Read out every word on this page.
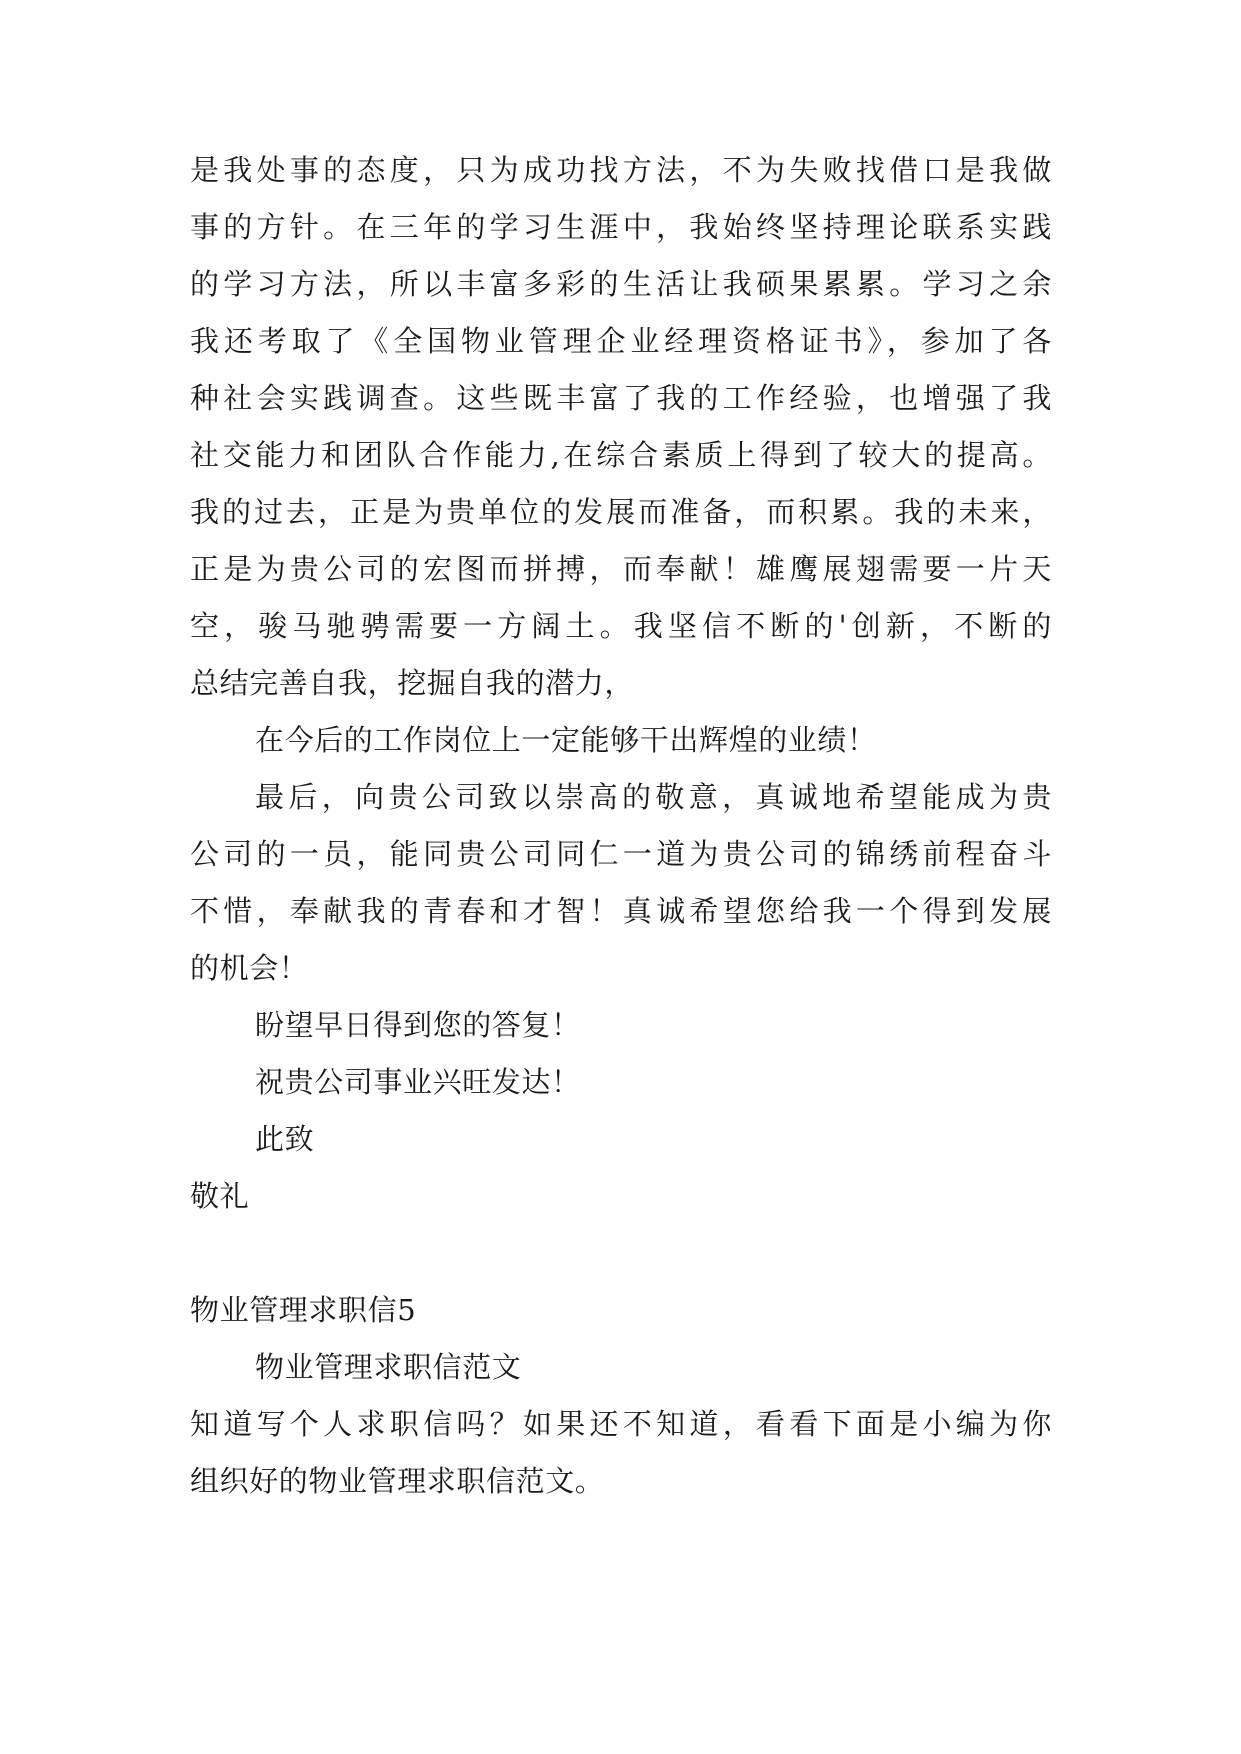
是我处事的态度，只为成功找方法，不为失败找借口是我做
事的方针。在三年的学习生涯中，我始终坚持理论联系实践
的学习方法，所以丰富多彩的生活让我硕果累累。学习之余
我还考取了《全国物业管理企业经理资格证书》，参加了各
种社会实践调查。这些既丰富了我的工作经验，也增强了我
社交能力和团队合作能力,在综合素质上得到了较大的提高。
我的过去，正是为贵单位的发展而准备，而积累。我的未来，
正是为贵公司的宏图而拼搏，而奉献！雄鹰展翅需要一片天
空，骏马驰骋需要一方阔土。我坚信不断的'创新，不断的
总结完善自我，挖掘自我的潜力，
在今后的工作岗位上一定能够干出辉煌的业绩！
最后，向贵公司致以崇高的敬意，真诚地希望能成为贵
公司的一员，能同贵公司同仁一道为贵公司的锦绣前程奋斗
不惜，奉献我的青春和才智！真诚希望您给我一个得到发展
的机会！
盼望早日得到您的答复！
祝贵公司事业兴旺发达！
此致
敬礼
物业管理求职信5
物业管理求职信范文
知道写个人求职信吗？如果还不知道，看看下面是小编为你
组织好的物业管理求职信范文。
